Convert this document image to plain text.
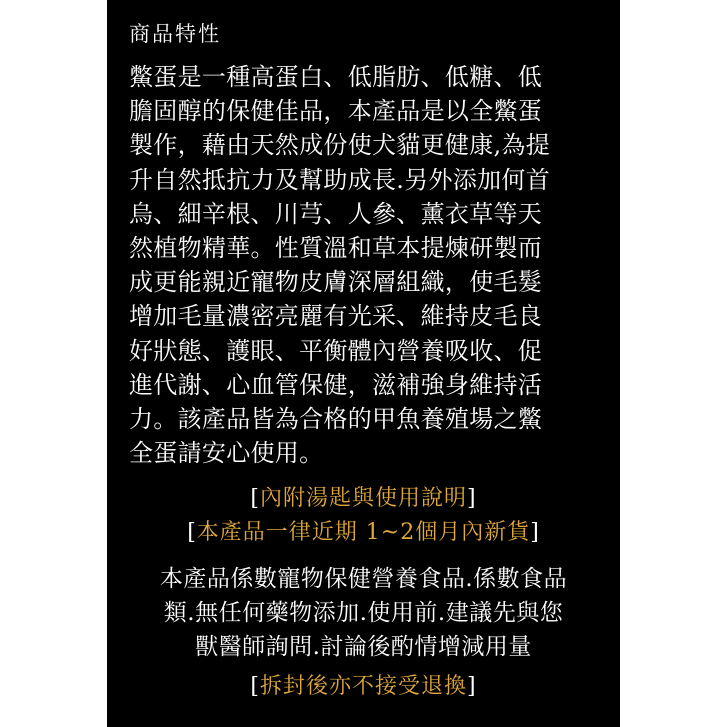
商品特性
鱉蛋是一種高蛋白、低脂肪、低糖、低
膽固醇的保健佳品，本產品是以全鱉蛋
製作，藉由天然成份使犬貓更健康,為提
升自然抵抗力及幫助成長.另外添加何首
烏、細辛根、川芎、人參、薰衣草等天
然植物精華。性質溫和草本提煉研製而
成更能親近寵物皮膚深層組織，使毛髮
增加毛量濃密亮麗有光采、維持皮毛良
好狀態、護眼、平衡體內營養吸收、促
進代謝、心血管保健，滋補強身維持活
力。該產品皆為合格的甲魚養殖場之鱉
全蛋請安心使用。
[內附湯匙與使用說明]
[本產品一律近期 1~2個月內新貨]
本產品係數寵物保健營養食品.係數食品
類.無任何藥物添加.使用前.建議先與您
獸醫師詢問.討論後酌情增減用量
[拆封後亦不接受退換]
